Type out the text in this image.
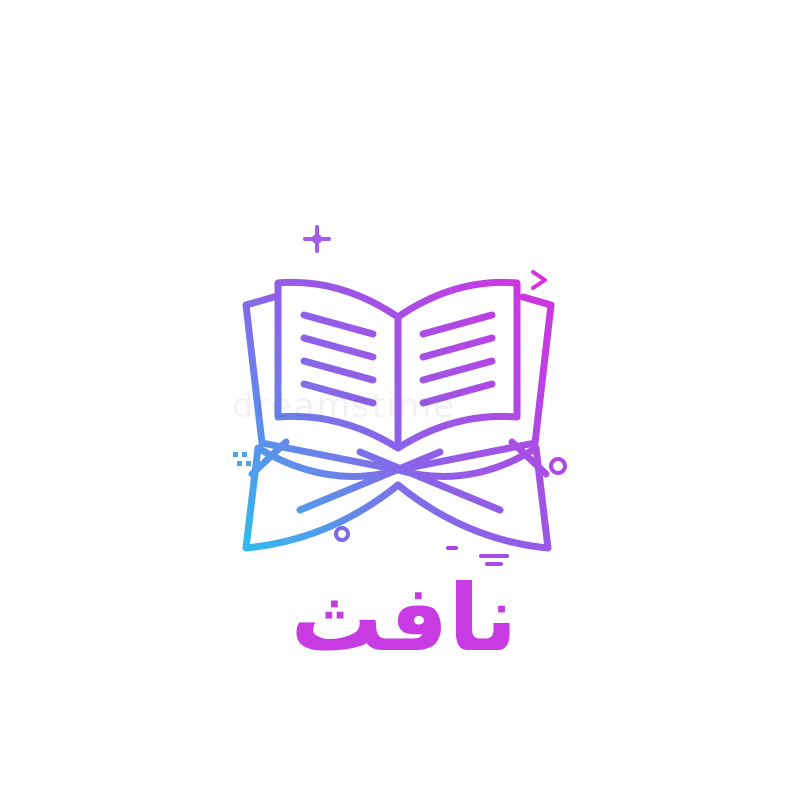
dreamstime
نافث
